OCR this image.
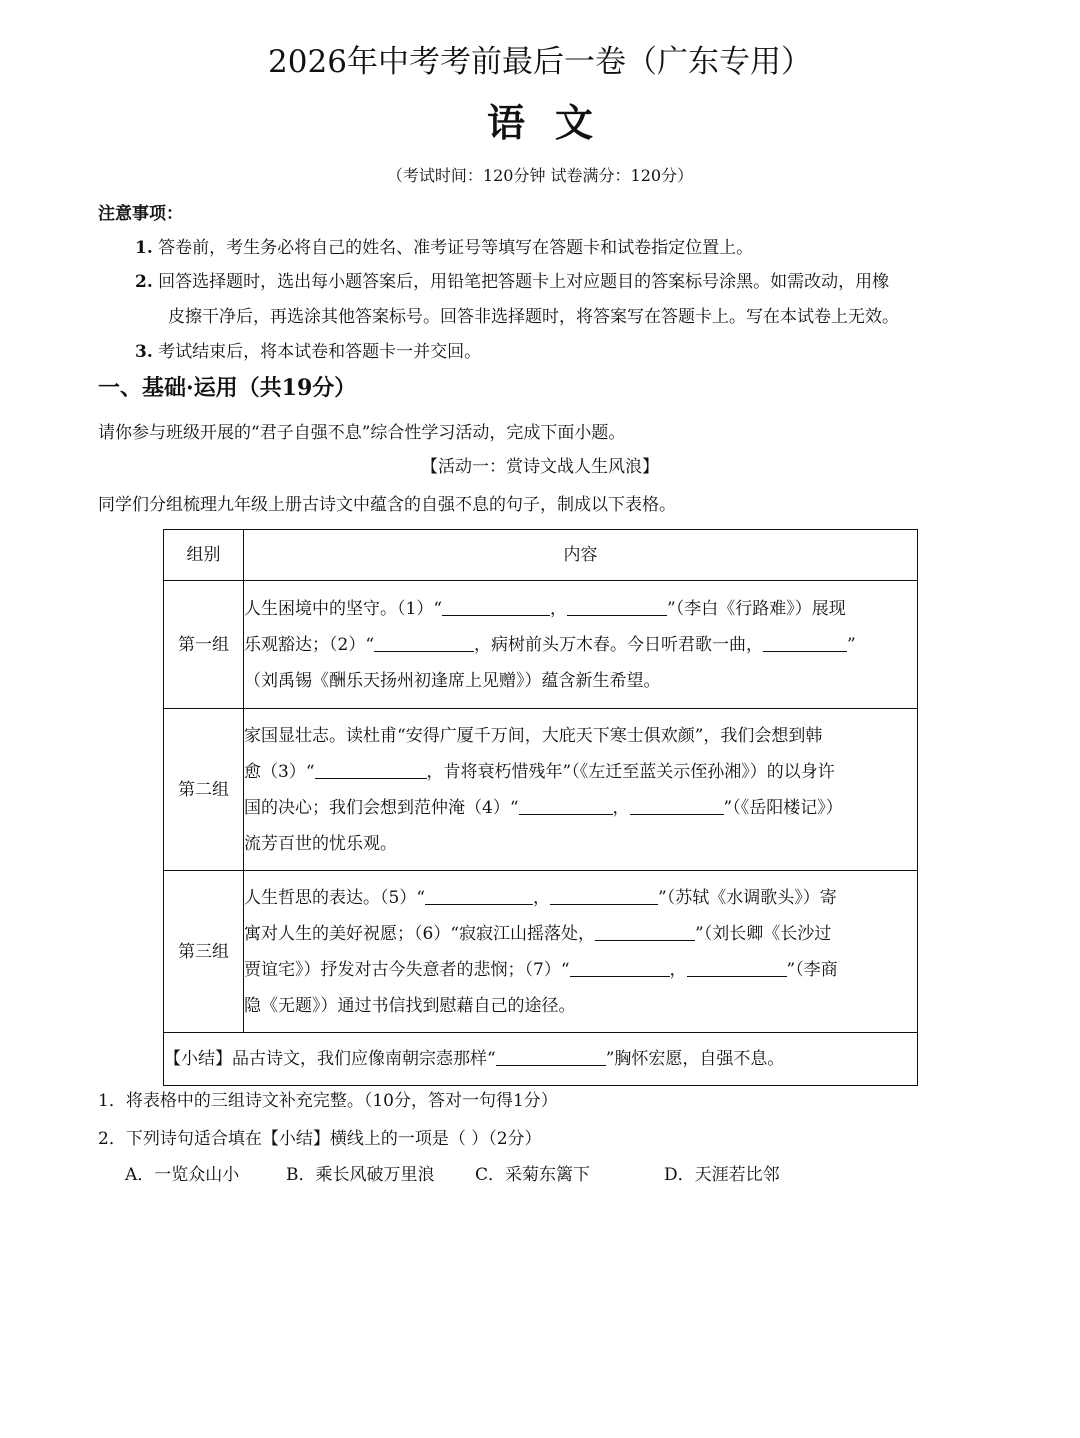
2026年中考考前最后一卷（广东专用）
语文
（考试时间：120分钟 试卷满分：120分）
注意事项：
1. 答卷前，考生务必将自己的姓名、准考证号等填写在答题卡和试卷指定位置上。
2. 回答选择题时，选出每小题答案后，用铅笔把答题卡上对应题目的答案标号涂黑。如需改动，用橡
皮擦干净后，再选涂其他答案标号。回答非选择题时，将答案写在答题卡上。写在本试卷上无效。
3. 考试结束后，将本试卷和答题卡一并交回。
一、基础·运用（共19分）
请你参与班级开展的“君子自强不息”综合性学习活动，完成下面小题。
【活动一：赏诗文战人生风浪】
同学们分组梳理九年级上册古诗文中蕴含的自强不息的句子，制成以下表格。
组别	内容
第一组	人生困境中的坚守。（1）“ ， ”（李白《行路难》）展现
乐观豁达；（2）“ ，病树前头万木春。今日听君歌一曲， ”
（刘禹锡《酬乐天扬州初逢席上见赠》）蕴含新生希望。
第二组	家国显壮志。读杜甫“安得广厦千万间，大庇天下寒士俱欢颜”，我们会想到韩
愈（3）“ ，肯将衰朽惜残年”（《左迁至蓝关示侄孙湘》）的以身许
国的决心；我们会想到范仲淹（4）“ ， ”（《岳阳楼记》）
流芳百世的忧乐观。
第三组	人生哲思的表达。（5）“ ， ”（苏轼《水调歌头》）寄
寓对人生的美好祝愿；（6）“寂寂江山摇落处， ”（刘长卿《长沙过
贾谊宅》）抒发对古今失意者的悲悯；（7）“ ， ”（李商
隐《无题》）通过书信找到慰藉自己的途径。
【小结】品古诗文，我们应像南朝宗悫那样“ ”胸怀宏愿，自强不息。	
1．将表格中的三组诗文补充完整。（10分，答对一句得1分）
2．下列诗句适合填在【小结】横线上的一项是（ ）（2分）
A．一览众山小	B．乘长风破万里浪 C．采菊东篱下	D．天涯若比邻
